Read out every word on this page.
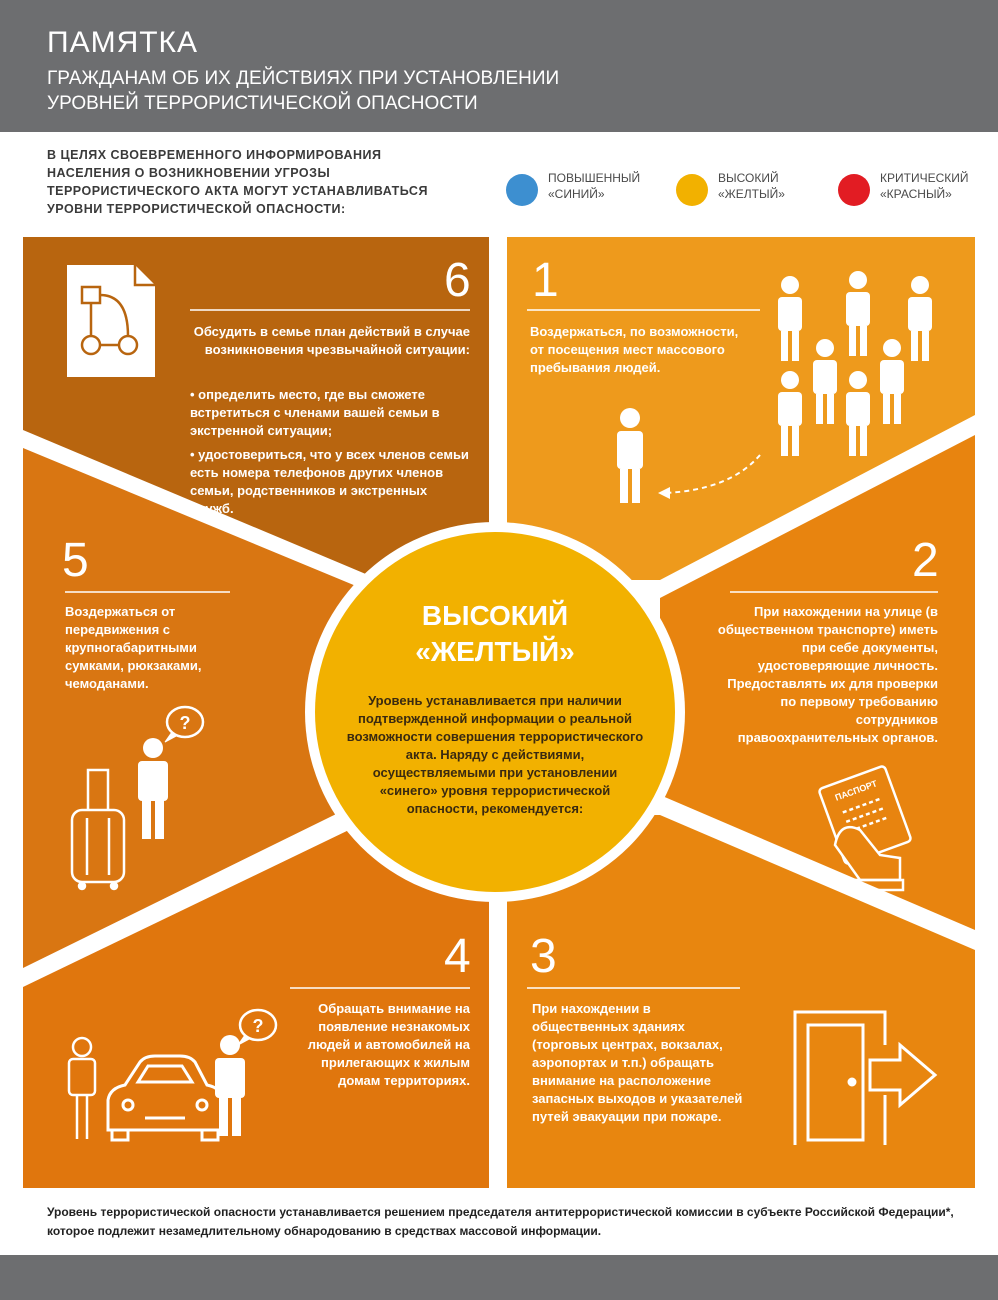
ПАМЯТКА
ГРАЖДАНАМ ОБ ИХ ДЕЙСТВИЯХ ПРИ УСТАНОВЛЕНИИ
УРОВНЕЙ ТЕРРОРИСТИЧЕСКОЙ ОПАСНОСТИ
В ЦЕЛЯХ СВОЕВРЕМЕННОГО ИНФОРМИРОВАНИЯ НАСЕЛЕНИЯ О ВОЗНИКНОВЕНИИ УГРОЗЫ ТЕРРОРИСТИЧЕСКОГО АКТА МОГУТ УСТАНАВЛИВАТЬСЯ УРОВНИ ТЕРРОРИСТИЧЕСКОЙ ОПАСНОСТИ:
ПОВЫШЕННЫЙ
«СИНИЙ»
ВЫСОКИЙ
«ЖЕЛТЫЙ»
КРИТИЧЕСКИЙ
«КРАСНЫЙ»
?
ПАСПОРТ
?
6 1
5	2
4 3
Обсудить в семье план действий в случае возникновения чрезвычайной ситуации:
• определить место, где вы сможете встретиться с членами вашей семьи в экстренной ситуации;
• удостовериться, что у всех членов семьи есть номера телефонов других членов семьи, родственников и экстренных служб.
Воздержаться, по возможности, от посещения мест массового пребывания людей.
Воздержаться от передвижения с крупногабаритными сумками, рюкзаками, чемоданами.
При нахождении на улице (в общественном транспорте) иметь при себе документы, удостоверяющие личность. Предоставлять их для проверки по первому требованию сотрудников правоохранительных органов.
Обращать внимание на появление незнакомых людей и автомобилей на прилегающих к жилым домам территориях.
При нахождении в общественных зданиях (торговых центрах, вокзалах, аэропортах и т.п.) обращать внимание на расположение запасных выходов и указателей путей эвакуации при пожаре.
ВЫСОКИЙ
«ЖЕЛТЫЙ»
Уровень устанавливается при наличии подтвержденной информации о реальной возможности совершения террористического акта. Наряду с действиями, осуществляемыми при установлении «синего» уровня террористической опасности, рекомендуется:
Уровень террористической опасности устанавливается решением председателя антитеррористической комиссии в субъекте Российской Федерации*, которое подлежит незамедлительному обнародованию в средствах массовой информации.
